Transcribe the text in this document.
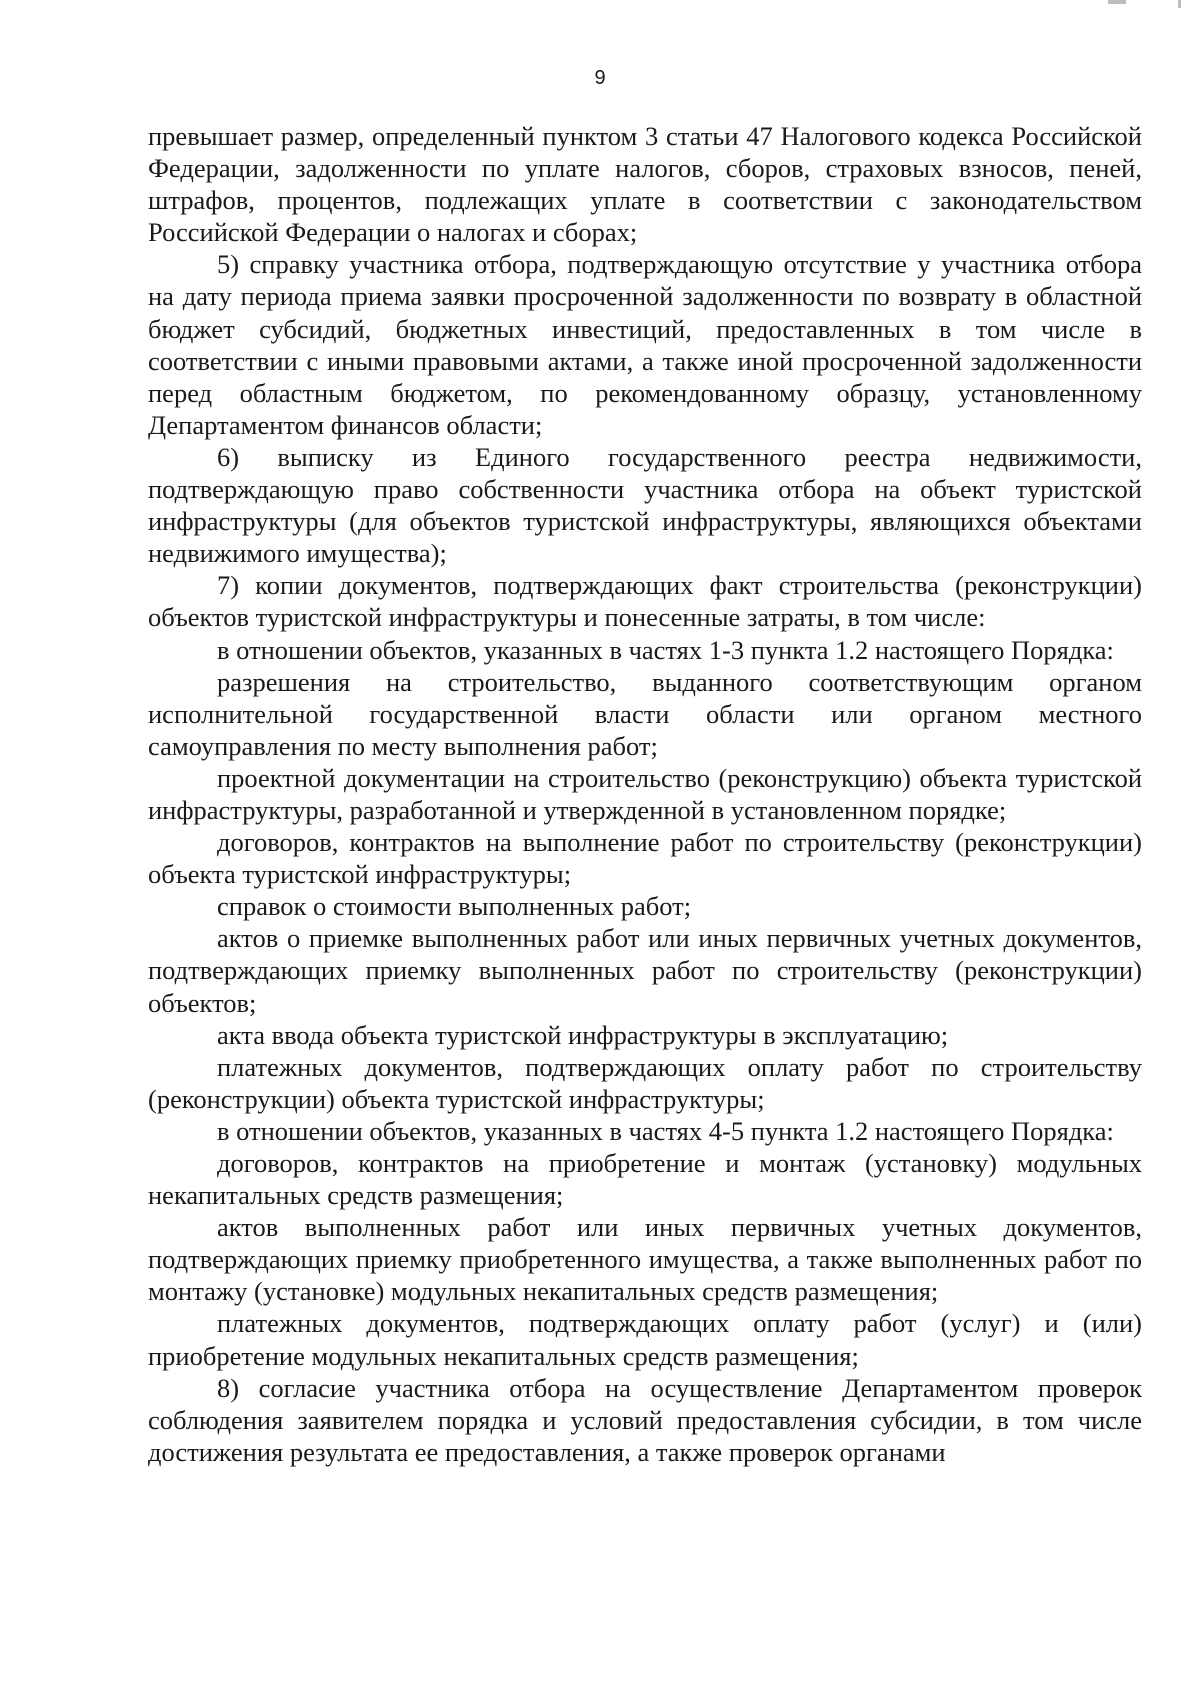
9

превышает размер, определенный пунктом 3 статьи 47 Налогового кодекса Российской Федерации, задолженности по уплате налогов, сборов, страховых взносов, пеней, штрафов, процентов, подлежащих уплате в соответствии с законодательством Российской Федерации о налогах и сборах;

5) справку участника отбора, подтверждающую отсутствие у участника отбора на дату периода приема заявки просроченной задолженности по возврату в областной бюджет субсидий, бюджетных инвестиций, предоставленных в том числе в соответствии с иными правовыми актами, а также иной просроченной задолженности перед областным бюджетом, по рекомендованному образцу, установленному Департаментом финансов области;

6) выписку из Единого государственного реестра недвижимости, подтверждающую право собственности участника отбора на объект туристской инфраструктуры (для объектов туристской инфраструктуры, являющихся объектами недвижимого имущества);

7) копии документов, подтверждающих факт строительства (реконструкции) объектов туристской инфраструктуры и понесенные затраты, в том числе:

в отношении объектов, указанных в частях 1-3 пункта 1.2 настоящего Порядка:

разрешения на строительство, выданного соответствующим органом исполнительной государственной власти области или органом местного самоуправления по месту выполнения работ;

проектной документации на строительство (реконструкцию) объекта туристской инфраструктуры, разработанной и утвержденной в установленном порядке;

договоров, контрактов на выполнение работ по строительству (реконструкции) объекта туристской инфраструктуры;

справок о стоимости выполненных работ;

актов о приемке выполненных работ или иных первичных учетных документов, подтверждающих приемку выполненных работ по строительству (реконструкции) объектов;

акта ввода объекта туристской инфраструктуры в эксплуатацию;

платежных документов, подтверждающих оплату работ по строительству (реконструкции) объекта туристской инфраструктуры;

в отношении объектов, указанных в частях 4-5 пункта 1.2 настоящего Порядка:

договоров, контрактов на приобретение и монтаж (установку) модульных некапитальных средств размещения;

актов выполненных работ или иных первичных учетных документов, подтверждающих приемку приобретенного имущества, а также выполненных работ по монтажу (установке) модульных некапитальных средств размещения;

платежных документов, подтверждающих оплату работ (услуг) и (или) приобретение модульных некапитальных средств размещения;

8) согласие участника отбора на осуществление Департаментом проверок соблюдения заявителем порядка и условий предоставления субсидии, в том числе достижения результата ее предоставления, а также проверок органами
